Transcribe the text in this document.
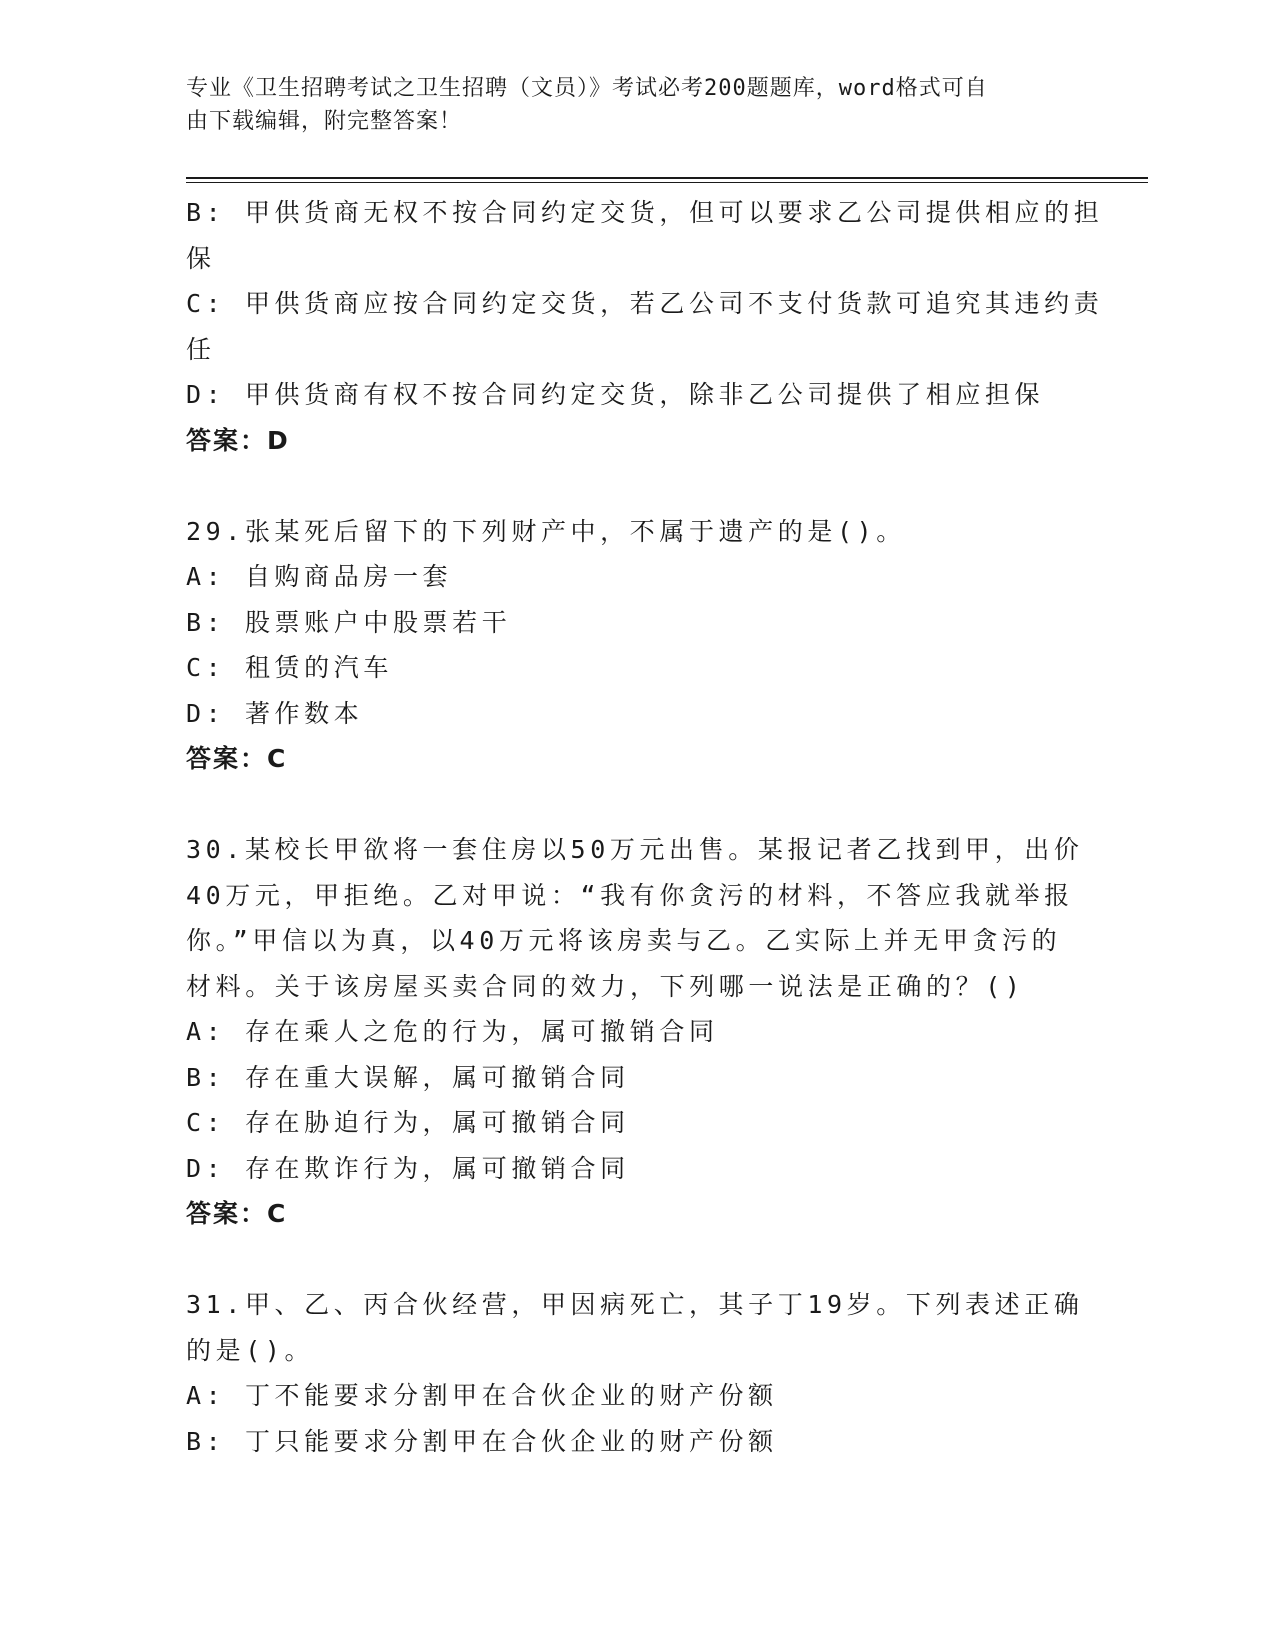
专业《卫生招聘考试之卫生招聘（文员）》考试必考200题题库，word格式可自
由下载编辑，附完整答案！
B: 甲供货商无权不按合同约定交货，但可以要求乙公司提供相应的担
保
C: 甲供货商应按合同约定交货，若乙公司不支付货款可追究其违约责
任
D: 甲供货商有权不按合同约定交货，除非乙公司提供了相应担保
答案：D
29.张某死后留下的下列财产中，不属于遗产的是()。
A: 自购商品房一套
B: 股票账户中股票若干
C: 租赁的汽车
D: 著作数本
答案：C
30.某校长甲欲将一套住房以50万元出售。某报记者乙找到甲，出价
40万元，甲拒绝。乙对甲说：“我有你贪污的材料，不答应我就举报
你。”甲信以为真，以40万元将该房卖与乙。乙实际上并无甲贪污的
材料。关于该房屋买卖合同的效力，下列哪一说法是正确的？()
A: 存在乘人之危的行为，属可撤销合同
B: 存在重大误解，属可撤销合同
C: 存在胁迫行为，属可撤销合同
D: 存在欺诈行为，属可撤销合同
答案：C
31.甲、乙、丙合伙经营，甲因病死亡，其子丁19岁。下列表述正确
的是()。
A: 丁不能要求分割甲在合伙企业的财产份额
B: 丁只能要求分割甲在合伙企业的财产份额
